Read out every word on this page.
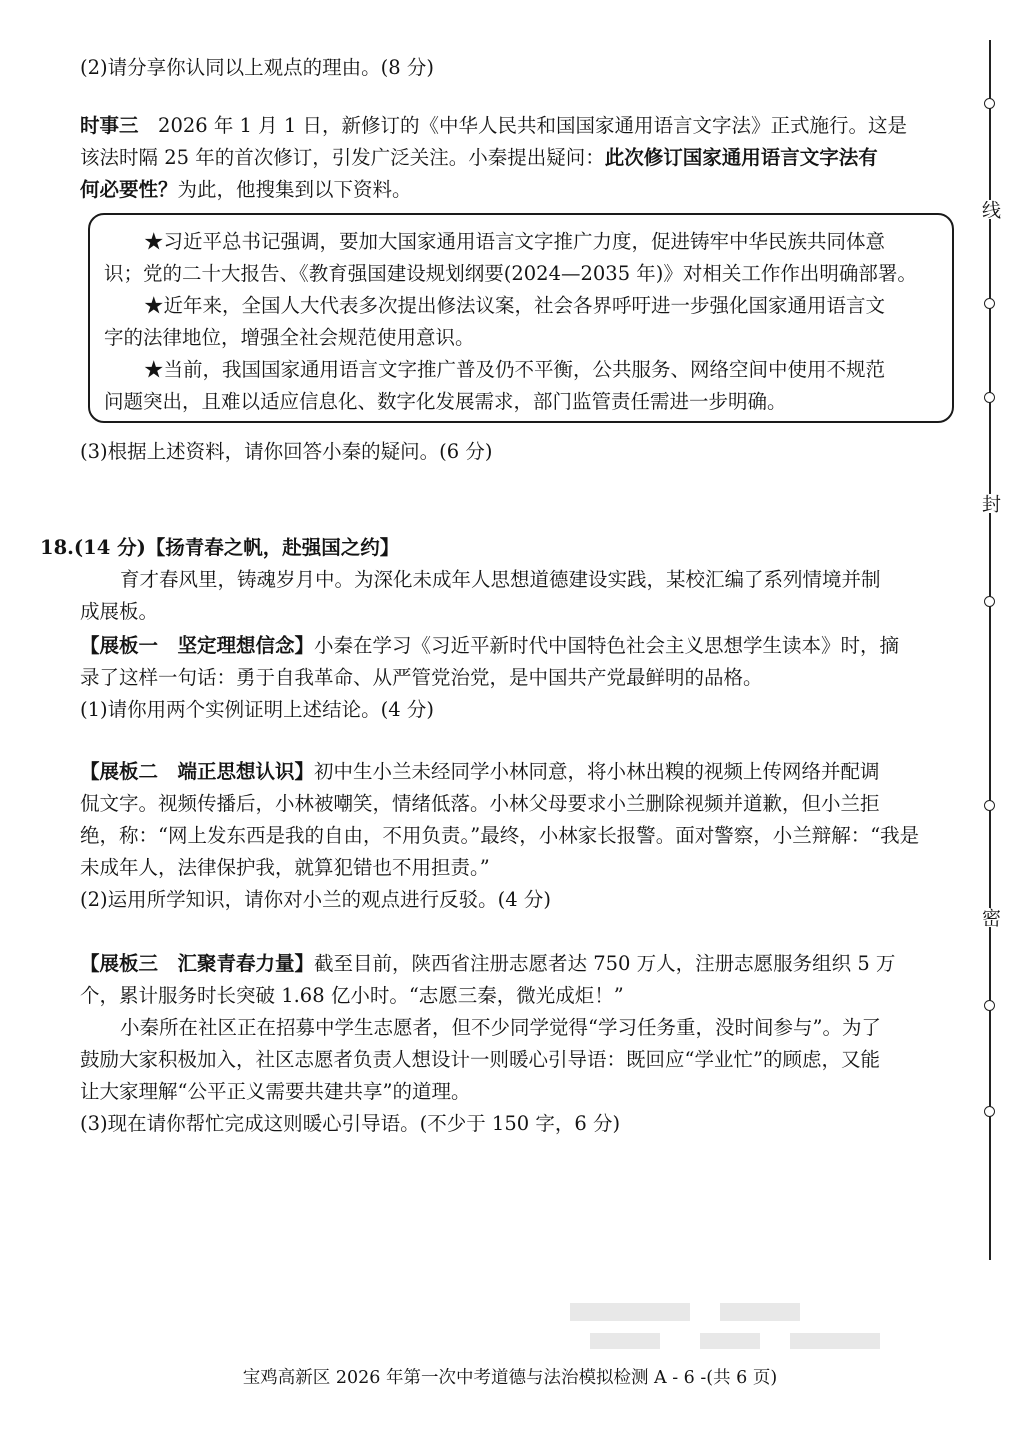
(2)请分享你认同以上观点的理由。(8 分)
时事三　 2026 年 1 月 1 日，新修订的《中华人民共和国国家通用语言文字法》正式施行。这是
该法时隔 25 年的首次修订，引发广泛关注。小秦提出疑问：此次修订国家通用语言文字法有
何必要性？为此，他搜集到以下资料。
★习近平总书记强调，要加大国家通用语言文字推广力度，促进铸牢中华民族共同体意
识；党的二十大报告、《教育强国建设规划纲要(2024—2035 年)》对相关工作作出明确部署。
★近年来，全国人大代表多次提出修法议案，社会各界呼吁进一步强化国家通用语言文
字的法律地位，增强全社会规范使用意识。
★当前，我国国家通用语言文字推广普及仍不平衡，公共服务、网络空间中使用不规范
问题突出，且难以适应信息化、数字化发展需求，部门监管责任需进一步明确。
(3)根据上述资料，请你回答小秦的疑问。(6 分)
18.(14 分)【扬青春之帆，赴强国之约】
育才春风里，铸魂岁月中。为深化未成年人思想道德建设实践，某校汇编了系列情境并制
成展板。
【展板一　坚定理想信念】小秦在学习《习近平新时代中国特色社会主义思想学生读本》时，摘
录了这样一句话：勇于自我革命、从严管党治党，是中国共产党最鲜明的品格。
(1)请你用两个实例证明上述结论。(4 分)
【展板二　端正思想认识】初中生小兰未经同学小林同意，将小林出糗的视频上传网络并配调
侃文字。视频传播后，小林被嘲笑，情绪低落。小林父母要求小兰删除视频并道歉，但小兰拒
绝，称：“网上发东西是我的自由，不用负责。”最终，小林家长报警。面对警察，小兰辩解：“我是
未成年人，法律保护我，就算犯错也不用担责。”
(2)运用所学知识，请你对小兰的观点进行反驳。(4 分)
【展板三　汇聚青春力量】截至目前，陕西省注册志愿者达 750 万人，注册志愿服务组织 5 万
个，累计服务时长突破 1.68 亿小时。“志愿三秦，微光成炬！”
小秦所在社区正在招募中学生志愿者，但不少同学觉得“学习任务重，没时间参与”。为了
鼓励大家积极加入，社区志愿者负责人想设计一则暖心引导语：既回应“学业忙”的顾虑，又能
让大家理解“公平正义需要共建共享”的道理。
(3)现在请你帮忙完成这则暖心引导语。(不少于 150 字，6 分)
线
封
密
宝鸡高新区 2026 年第一次中考道德与法治模拟检测 A - 6 -(共 6 页)
